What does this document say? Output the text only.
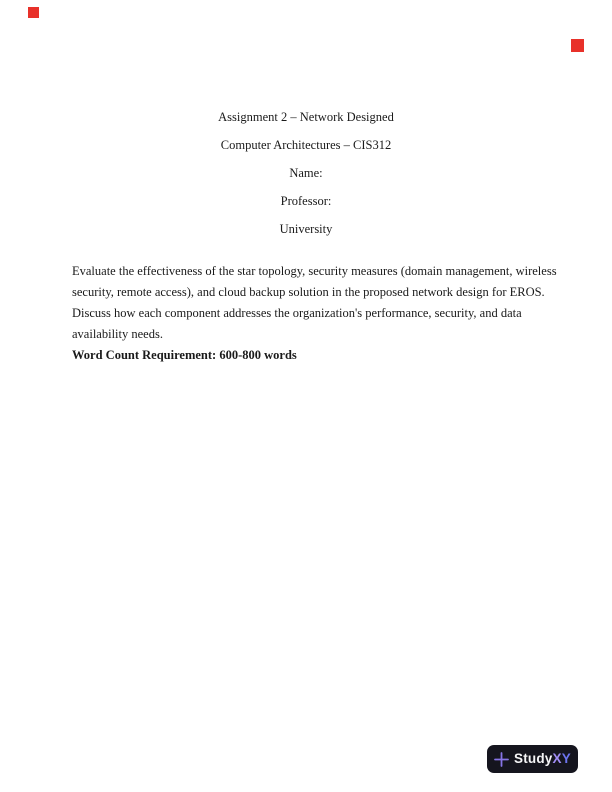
Assignment 2 – Network Designed
Computer Architectures – CIS312
Name:
Professor:
University
Evaluate the effectiveness of the star topology, security measures (domain management, wireless
security, remote access), and cloud backup solution in the proposed network design for EROS.
Discuss how each component addresses the organization's performance, security, and data
availability needs.
Word Count Requirement: 600-800 words
StudyXY
